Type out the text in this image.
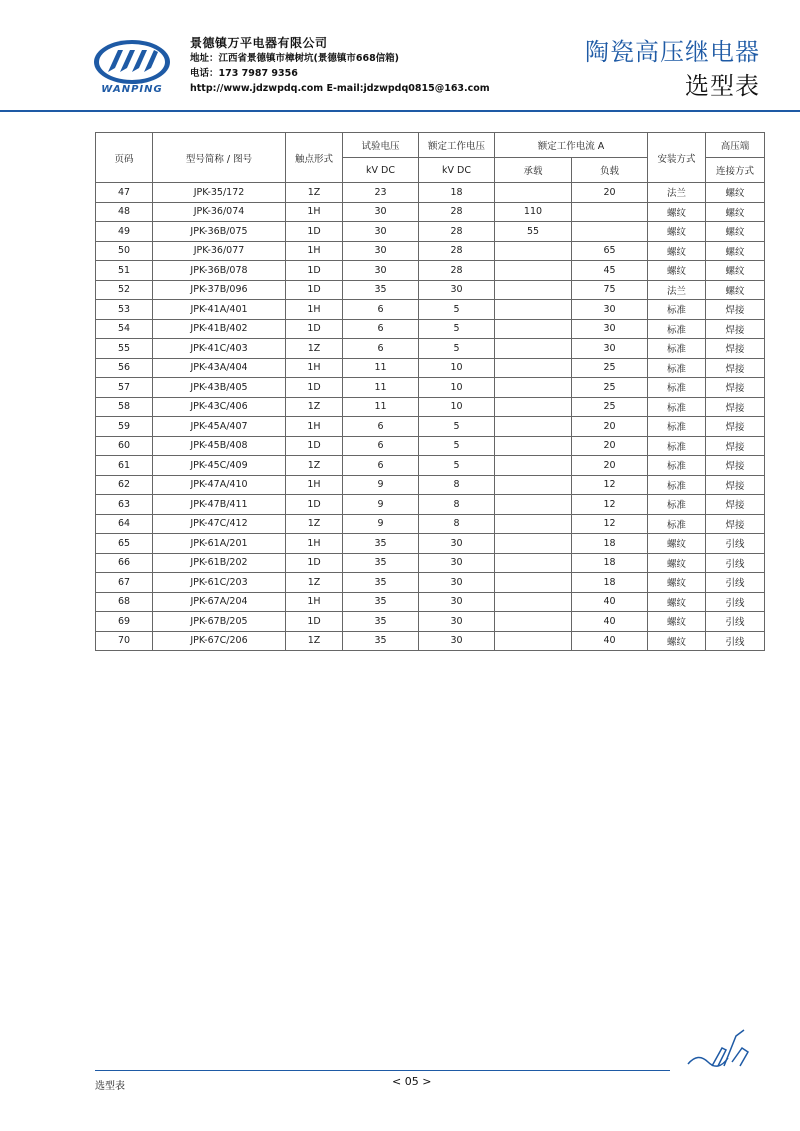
WANPING
景德镇万平电器有限公司
地址：江西省景德镇市樟树坑(景德镇市668信箱)
电话：173 7987 9356
http://www.jdzwpdq.com E-mail:jdzwpdq0815@163.com
陶瓷高压继电器
选型表
页码	型号简称 / 图号	触点形式	试验电压	额定工作电压	额定工作电流 A		安装方式	高压端
			kV DC	kV DC	承载	负载		连接方式
47	JPK-35/172	1Z	23	18		20	法兰	螺纹
48	JPK-36/074	1H	30	28	110		螺纹	螺纹
49	JPK-36B/075	1D	30	28	55		螺纹	螺纹
50	JPK-36/077	1H	30	28		65	螺纹	螺纹
51	JPK-36B/078	1D	30	28		45	螺纹	螺纹
52	JPK-37B/096	1D	35	30		75	法兰	螺纹
53	JPK-41A/401	1H	6	5		30	标准	焊接
54	JPK-41B/402	1D	6	5		30	标准	焊接
55	JPK-41C/403	1Z	6	5		30	标准	焊接
56	JPK-43A/404	1H	11	10		25	标准	焊接
57	JPK-43B/405	1D	11	10		25	标准	焊接
58	JPK-43C/406	1Z	11	10		25	标准	焊接
59	JPK-45A/407	1H	6	5		20	标准	焊接
60	JPK-45B/408	1D	6	5		20	标准	焊接
61	JPK-45C/409	1Z	6	5		20	标准	焊接
62	JPK-47A/410	1H	9	8		12	标准	焊接
63	JPK-47B/411	1D	9	8		12	标准	焊接
64	JPK-47C/412	1Z	9	8		12	标准	焊接
65	JPK-61A/201	1H	35	30		18	螺纹	引线
66	JPK-61B/202	1D	35	30		18	螺纹	引线
67	JPK-61C/203	1Z	35	30		18	螺纹	引线
68	JPK-67A/204	1H	35	30		40	螺纹	引线
69	JPK-67B/205	1D	35	30		40	螺纹	引线
70	JPK-67C/206	1Z	35	30		40	螺纹	引线
选型表	< 05 >
